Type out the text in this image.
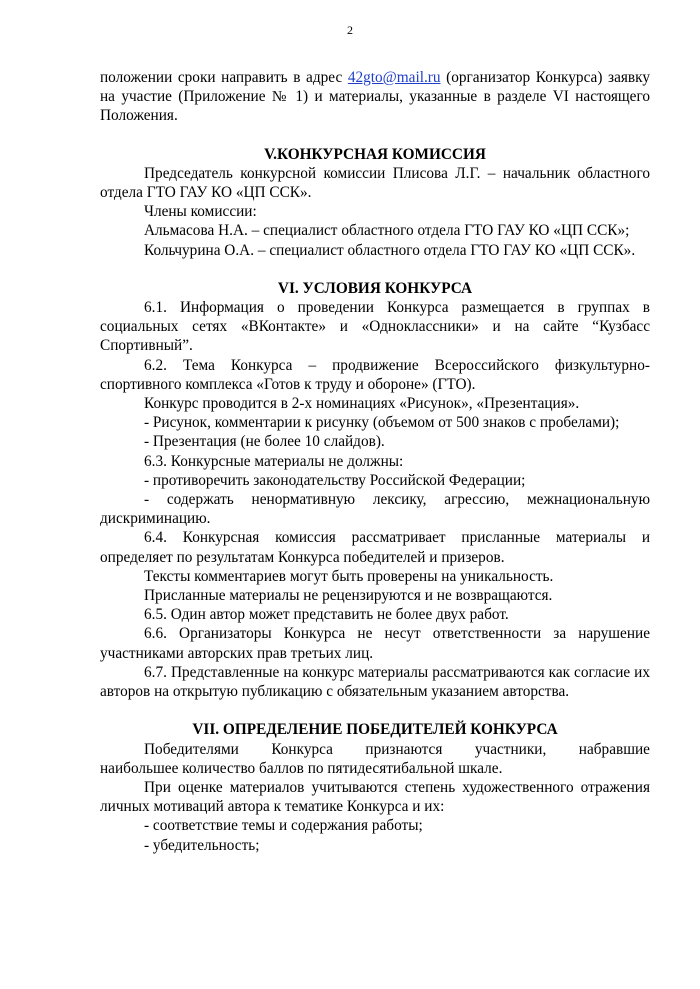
2

положении сроки направить в адрес 42gto@mail.ru (организатор Конкурса) заявку на участие (Приложение № 1) и материалы, указанные в разделе VI настоящего Положения.

V.КОНКУРСНАЯ КОМИССИЯ

Председатель конкурсной комиссии Плисова Л.Г. – начальник областного отдела ГТО ГАУ КО «ЦП ССК».

Члены комиссии:

Альмасова Н.А. – специалист областного отдела ГТО ГАУ КО «ЦП ССК»;

Кольчурина О.А. – специалист областного отдела ГТО ГАУ КО «ЦП ССК».

VI. УСЛОВИЯ КОНКУРСА

6.1. Информация о проведении Конкурса размещается в группах в социальных сетях «ВКонтакте» и «Одноклассники» и на сайте “Кузбасс Спортивный”.

6.2. Тема Конкурса – продвижение Всероссийского физкультурно-спортивного комплекса «Готов к труду и обороне» (ГТО).

Конкурс проводится в 2-х номинациях «Рисунок», «Презентация».

- Рисунок, комментарии к рисунку (объемом от 500 знаков с пробелами);

- Презентация (не более 10 слайдов).

6.3. Конкурсные материалы не должны:

- противоречить законодательству Российской Федерации;

- содержать ненормативную лексику, агрессию, межнациональную дискриминацию.

6.4. Конкурсная комиссия рассматривает присланные материалы и определяет по результатам Конкурса победителей и призеров.

Тексты комментариев могут быть проверены на уникальность.

Присланные материалы не рецензируются и не возвращаются.

6.5. Один автор может представить не более двух работ.

6.6. Организаторы Конкурса не несут ответственности за нарушение участниками авторских прав третьих лиц.

6.7. Представленные на конкурс материалы рассматриваются как согласие их авторов на открытую публикацию с обязательным указанием авторства.

VII. ОПРЕДЕЛЕНИЕ ПОБЕДИТЕЛЕЙ КОНКУРСА

Победителями Конкурса признаются участники, набравшие

наибольшее количество баллов по пятидесятибальной шкале.

При оценке материалов учитываются степень художественного отражения личных мотиваций автора к тематике Конкурса и их:

- соответствие темы и содержания работы;

- убедительность;
